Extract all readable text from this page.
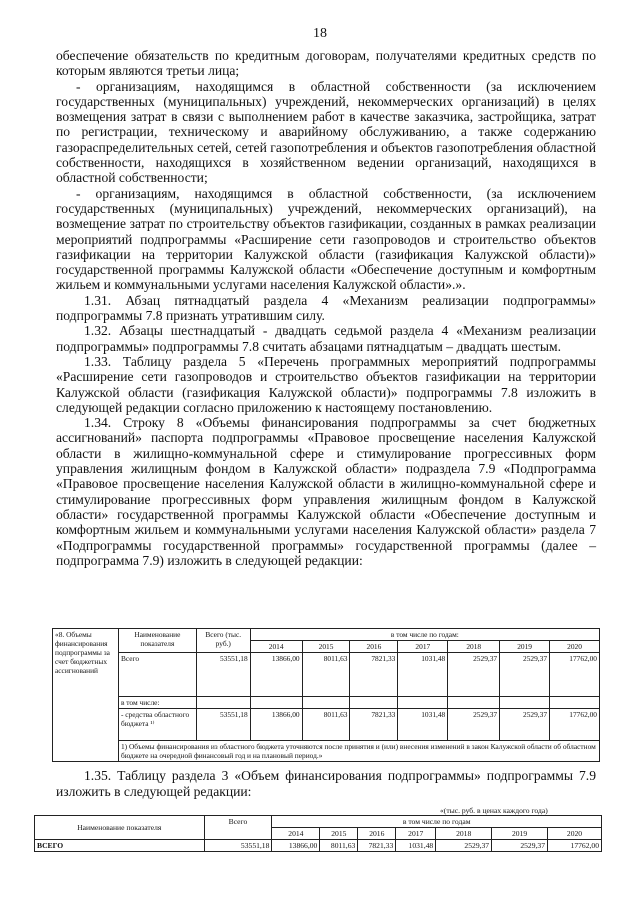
18

обеспечение обязательств по кредитным договорам, получателями кредитных средств по которым являются третьи лица;

- организациям, находящимся в областной собственности (за исключением государственных (муниципальных) учреждений, некоммерческих организаций) в целях возмещения затрат в связи с выполнением работ в качестве заказчика, застройщика, затрат по регистрации, техническому и аварийному обслуживанию, а также содержанию газораспределительных сетей, сетей газопотребления и объектов газопотребления областной собственности, находящихся в хозяйственном ведении организаций, находящихся в областной собственности;

- организациям, находящимся в областной собственности, (за исключением государственных (муниципальных) учреждений, некоммерческих организаций), на возмещение затрат по строительству объектов газификации, созданных в рамках реализации мероприятий подпрограммы «Расширение сети газопроводов и строительство объектов газификации на территории Калужской области (газификация Калужской области)» государственной программы Калужской области «Обеспечение доступным и комфортным жильем и коммунальными услугами населения Калужской области».».

1.31. Абзац пятнадцатый раздела 4 «Механизм реализации подпрограммы» подпрограммы 7.8 признать утратившим силу.

1.32. Абзацы шестнадцатый - двадцать седьмой раздела 4 «Механизм реализации подпрограммы» подпрограммы 7.8 считать абзацами пятнадцатым – двадцать шестым.

1.33. Таблицу раздела 5 «Перечень программных мероприятий подпрограммы «Расширение сети газопроводов и строительство объектов газификации на территории Калужской области (газификация Калужской области)» подпрограммы 7.8 изложить в следующей редакции согласно приложению к настоящему постановлению.

1.34. Строку 8 «Объемы финансирования подпрограммы за счет бюджетных ассигнований» паспорта подпрограммы «Правовое просвещение населения Калужской области в жилищно-коммунальной сфере и стимулирование прогрессивных форм управления жилищным фондом в Калужской области» подраздела 7.9 «Подпрограмма «Правовое просвещение населения Калужской области в жилищно-коммунальной сфере и стимулирование прогрессивных форм управления жилищным фондом в Калужской области» государственной программы Калужской области «Обеспечение доступным и комфортным жильем и коммунальными услугами населения Калужской области» раздела 7 «Подпрограммы государственной программы» государственной программы (далее – подпрограмма 7.9) изложить в следующей редакции:

«8. Объемы финансирования подпрограммы за счет бюджетных ассигнований	Наименование показателя	Всего (тыс. руб.)	в том числе по годам:						
			2014	2015	2016	2017	2018	2019	2020
	Всего	53551,18	13866,00	8011,63	7821,33	1031,48	2529,37	2529,37	17762,00
	в том числе:								
	- средства областного бюджета ¹⁾	53551,18	13866,00	8011,63	7821,33	1031,48	2529,37	2529,37	17762,00
	1) Объемы финансирования из областного бюджета уточняются после принятия и (или) внесения изменений в закон Калужской области об областном бюджете на очередной финансовый год и на плановый период.»								

1.35. Таблицу раздела 3 «Объем финансирования подпрограммы» подпрограммы 7.9 изложить в следующей редакции:

«(тыс. руб. в ценах каждого года)
Наименование показателя	Всего	в том числе по годам						
		2014	2015	2016	2017	2018	2019	2020
ВСЕГО	53551,18	13866,00	8011,63	7821,33	1031,48	2529,37	2529,37	17762,00
